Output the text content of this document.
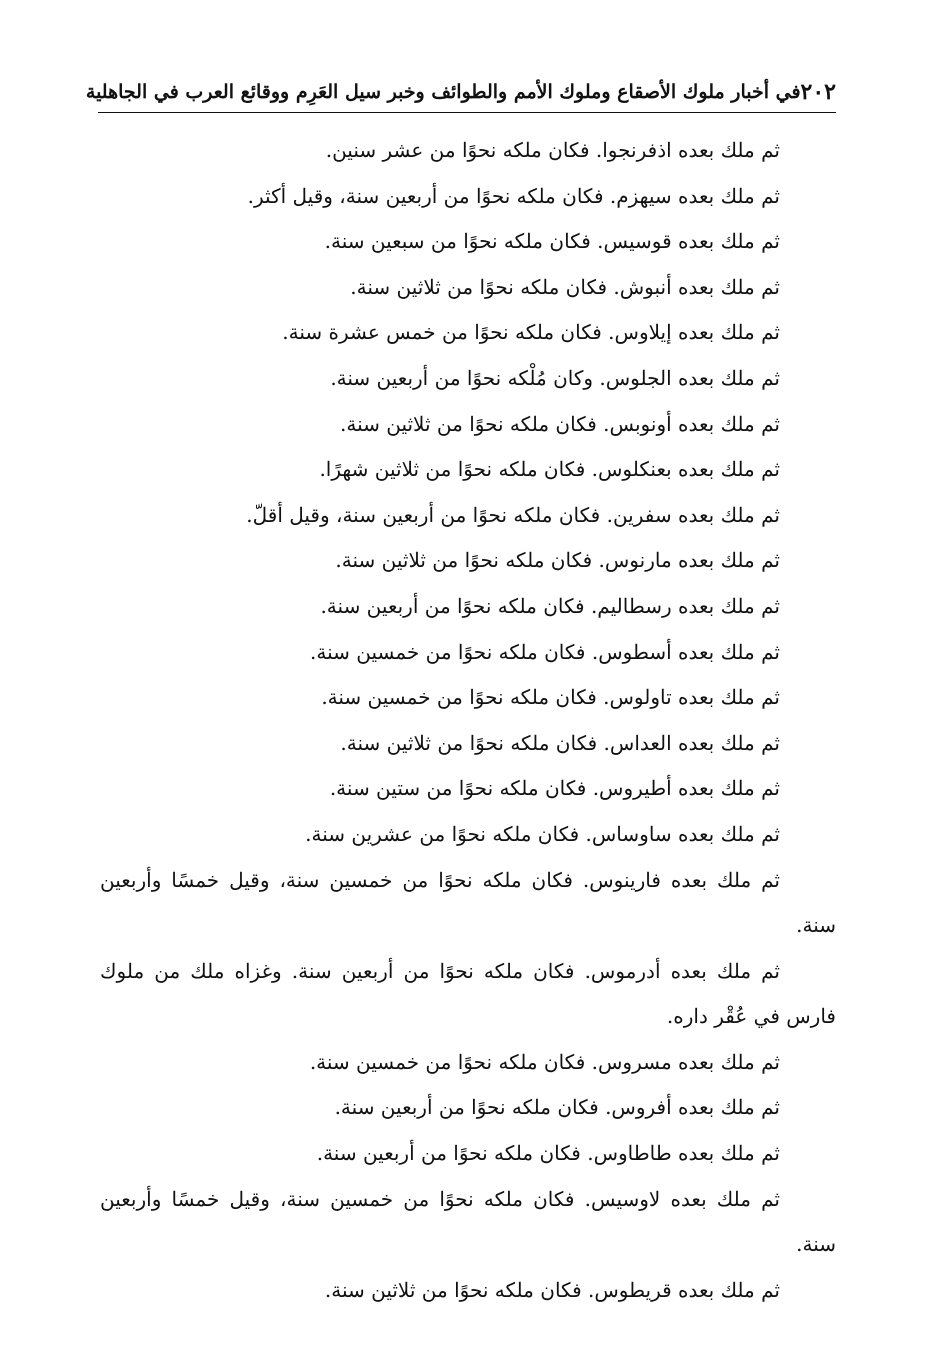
٢٠٢
في أخبار ملوك الأصقاع وملوك الأمم والطوائف وخبر سيل العَرِم ووقائع العرب في الجاهلية

ثم ملك بعده اذفرنجوا. فكان ملكه نحوًا من عشر سنين.

ثم ملك بعده سيهزم. فكان ملكه نحوًا من أربعين سنة، وقيل أكثر.

ثم ملك بعده قوسيس. فكان ملكه نحوًا من سبعين سنة.

ثم ملك بعده أنبوش. فكان ملكه نحوًا من ثلاثين سنة.

ثم ملك بعده إيلاوس. فكان ملكه نحوًا من خمس عشرة سنة.

ثم ملك بعده الجلوس. وكان مُلْكه نحوًا من أربعين سنة.

ثم ملك بعده أونوبس. فكان ملكه نحوًا من ثلاثين سنة.

ثم ملك بعده بعنكلوس. فكان ملكه نحوًا من ثلاثين شهرًا.

ثم ملك بعده سفرين. فكان ملكه نحوًا من أربعين سنة، وقيل أقلّ.

ثم ملك بعده مارنوس. فكان ملكه نحوًا من ثلاثين سنة.

ثم ملك بعده رسطاليم. فكان ملكه نحوًا من أربعين سنة.

ثم ملك بعده أسطوس. فكان ملكه نحوًا من خمسين سنة.

ثم ملك بعده تاولوس. فكان ملكه نحوًا من خمسين سنة.

ثم ملك بعده العداس. فكان ملكه نحوًا من ثلاثين سنة.

ثم ملك بعده أطيروس. فكان ملكه نحوًا من ستين سنة.

ثم ملك بعده ساوساس. فكان ملكه نحوًا من عشرين سنة.

ثم ملك بعده فارينوس. فكان ملكه نحوًا من خمسين سنة، وقيل خمسًا وأربعين سنة.

ثم ملك بعده أدرموس. فكان ملكه نحوًا من أربعين سنة. وغزاه ملك من ملوك فارس في عُقْر داره.

ثم ملك بعده مسروس. فكان ملكه نحوًا من خمسين سنة.

ثم ملك بعده أفروس. فكان ملكه نحوًا من أربعين سنة.

ثم ملك بعده طاطاوس. فكان ملكه نحوًا من أربعين سنة.

ثم ملك بعده لاوسيس. فكان ملكه نحوًا من خمسين سنة، وقيل خمسًا وأربعين سنة.

ثم ملك بعده قريطوس. فكان ملكه نحوًا من ثلاثين سنة.
